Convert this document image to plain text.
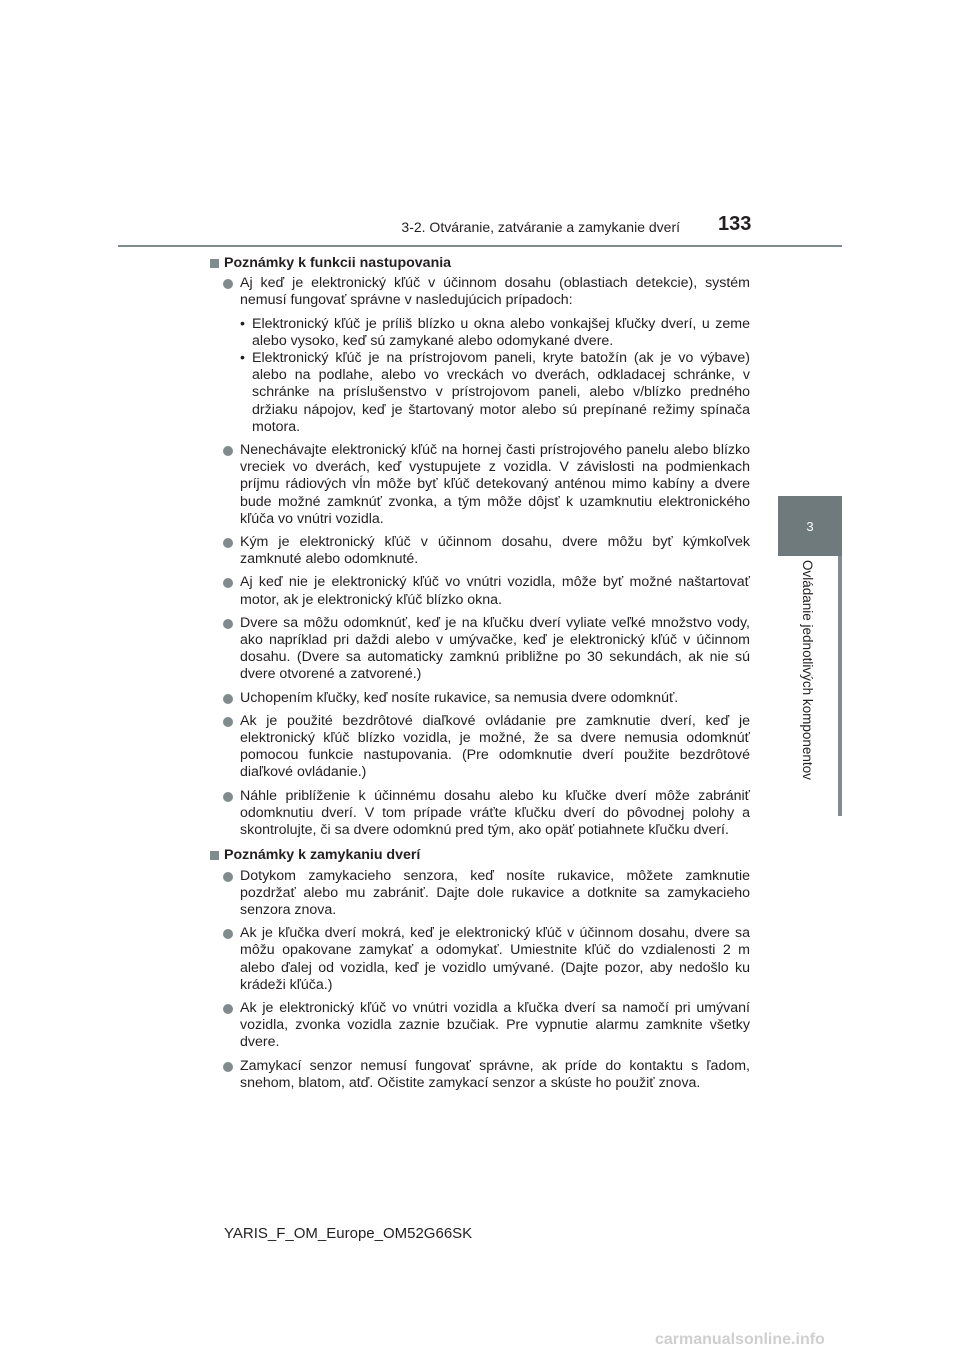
3-2. Otváranie, zatváranie a zamykanie dverí 133
3
Ovládanie jednotlivých komponentov
Poznámky k funkcii nastupovania
Aj keď je elektronický kľúč v účinnom dosahu (oblastiach detekcie), systém nemusí fungovať správne v nasledujúcich prípadoch:
• Elektronický kľúč je príliš blízko u okna alebo vonkajšej kľučky dverí, u zeme alebo vysoko, keď sú zamykané alebo odomykané dvere.
• Elektronický kľúč je na prístrojovom paneli, kryte batožín (ak je vo výbave) alebo na podlahe, alebo vo vreckách vo dverách, odkladacej schránke, v schránke na príslušenstvo v prístrojovom paneli, alebo v/blízko predného držiaku nápojov, keď je štartovaný motor alebo sú prepínané režimy spínača motora.
Nenechávajte elektronický kľúč na hornej časti prístrojového panelu alebo blízko vreciek vo dverách, keď vystupujete z vozidla. V závislosti na podmienkach príjmu rádiových vĺn môže byť kľúč detekovaný anténou mimo kabíny a dvere bude možné zamknúť zvonka, a tým môže dôjsť k uzamknutiu elektronického kľúča vo vnútri vozidla.
Kým je elektronický kľúč v účinnom dosahu, dvere môžu byť kýmkoľvek zamknuté alebo odomknuté.
Aj keď nie je elektronický kľúč vo vnútri vozidla, môže byť možné naštartovať motor, ak je elektronický kľúč blízko okna.
Dvere sa môžu odomknúť, keď je na kľučku dverí vyliate veľké množstvo vody, ako napríklad pri daždi alebo v umývačke, keď je elektronický kľúč v účinnom dosahu. (Dvere sa automaticky zamknú približne po 30 sekundách, ak nie sú dvere otvorené a zatvorené.)
Uchopením kľučky, keď nosíte rukavice, sa nemusia dvere odomknúť.
Ak je použité bezdrôtové diaľkové ovládanie pre zamknutie dverí, keď je elektronický kľúč blízko vozidla, je možné, že sa dvere nemusia odomknúť pomocou funkcie nastupovania. (Pre odomknutie dverí použite bezdrôtové diaľkové ovládanie.)
Náhle priblíženie k účinnému dosahu alebo ku kľučke dverí môže zabrániť odomknutiu dverí. V tom prípade vráťte kľučku dverí do pôvodnej polohy a skontrolujte, či sa dvere odomknú pred tým, ako opäť potiahnete kľučku dverí.
Poznámky k zamykaniu dverí
Dotykom zamykacieho senzora, keď nosíte rukavice, môžete zamknutie pozdržať alebo mu zabrániť. Dajte dole rukavice a dotknite sa zamykacieho senzora znova.
Ak je kľučka dverí mokrá, keď je elektronický kľúč v účinnom dosahu, dvere sa môžu opakovane zamykať a odomykať. Umiestnite kľúč do vzdialenosti 2 m alebo ďalej od vozidla, keď je vozidlo umývané. (Dajte pozor, aby nedošlo ku krádeži kľúča.)
Ak je elektronický kľúč vo vnútri vozidla a kľučka dverí sa namočí pri umývaní vozidla, zvonka vozidla zaznie bzučiak. Pre vypnutie alarmu zamknite všetky dvere.
Zamykací senzor nemusí fungovať správne, ak príde do kontaktu s ľadom, snehom, blatom, atď. Očistite zamykací senzor a skúste ho použiť znova.
YARIS_F_OM_Europe_OM52G66SK
carmanualsonline.info
